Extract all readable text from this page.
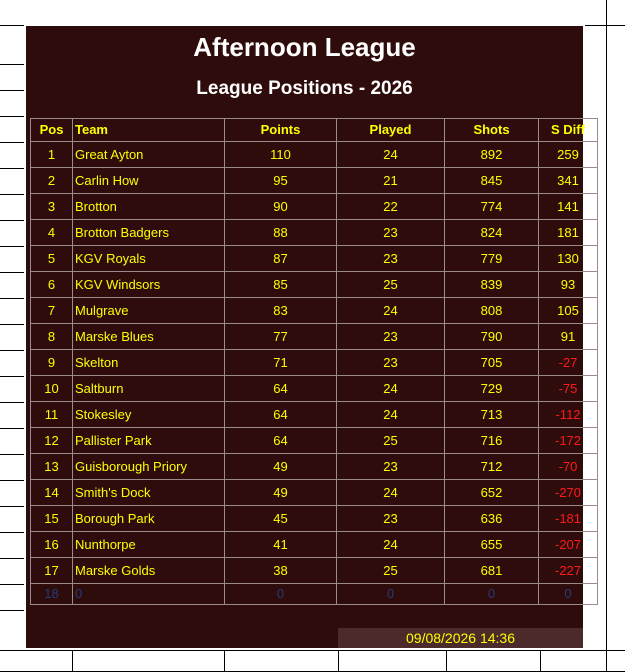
Afternoon League
League Positions - 2026
Pos	Team	Points	Played	Shots	S Diff
1	Great Ayton	110	24	892	259
2	Carlin How	95	21	845	341
3	Brotton	90	22	774	141
4	Brotton Badgers	88	23	824	181
5	KGV Royals	87	23	779	130
6	KGV Windsors	85	25	839	93
7	Mulgrave	83	24	808	105
8	Marske Blues	77	23	790	91
9	Skelton	71	23	705	-27
10	Saltburn	64	24	729	-75
11	Stokesley	64	24	713	-112
12	Pallister Park	64	25	716	-172
13	Guisborough Priory	49	23	712	-70
14	Smith's Dock	49	24	652	-270
15	Borough Park	45	23	636	-181
16	Nunthorpe	41	24	655	-207
17	Marske Golds	38	25	681	-227
18	0	0	0	0	0
09/08/2026 14:36
